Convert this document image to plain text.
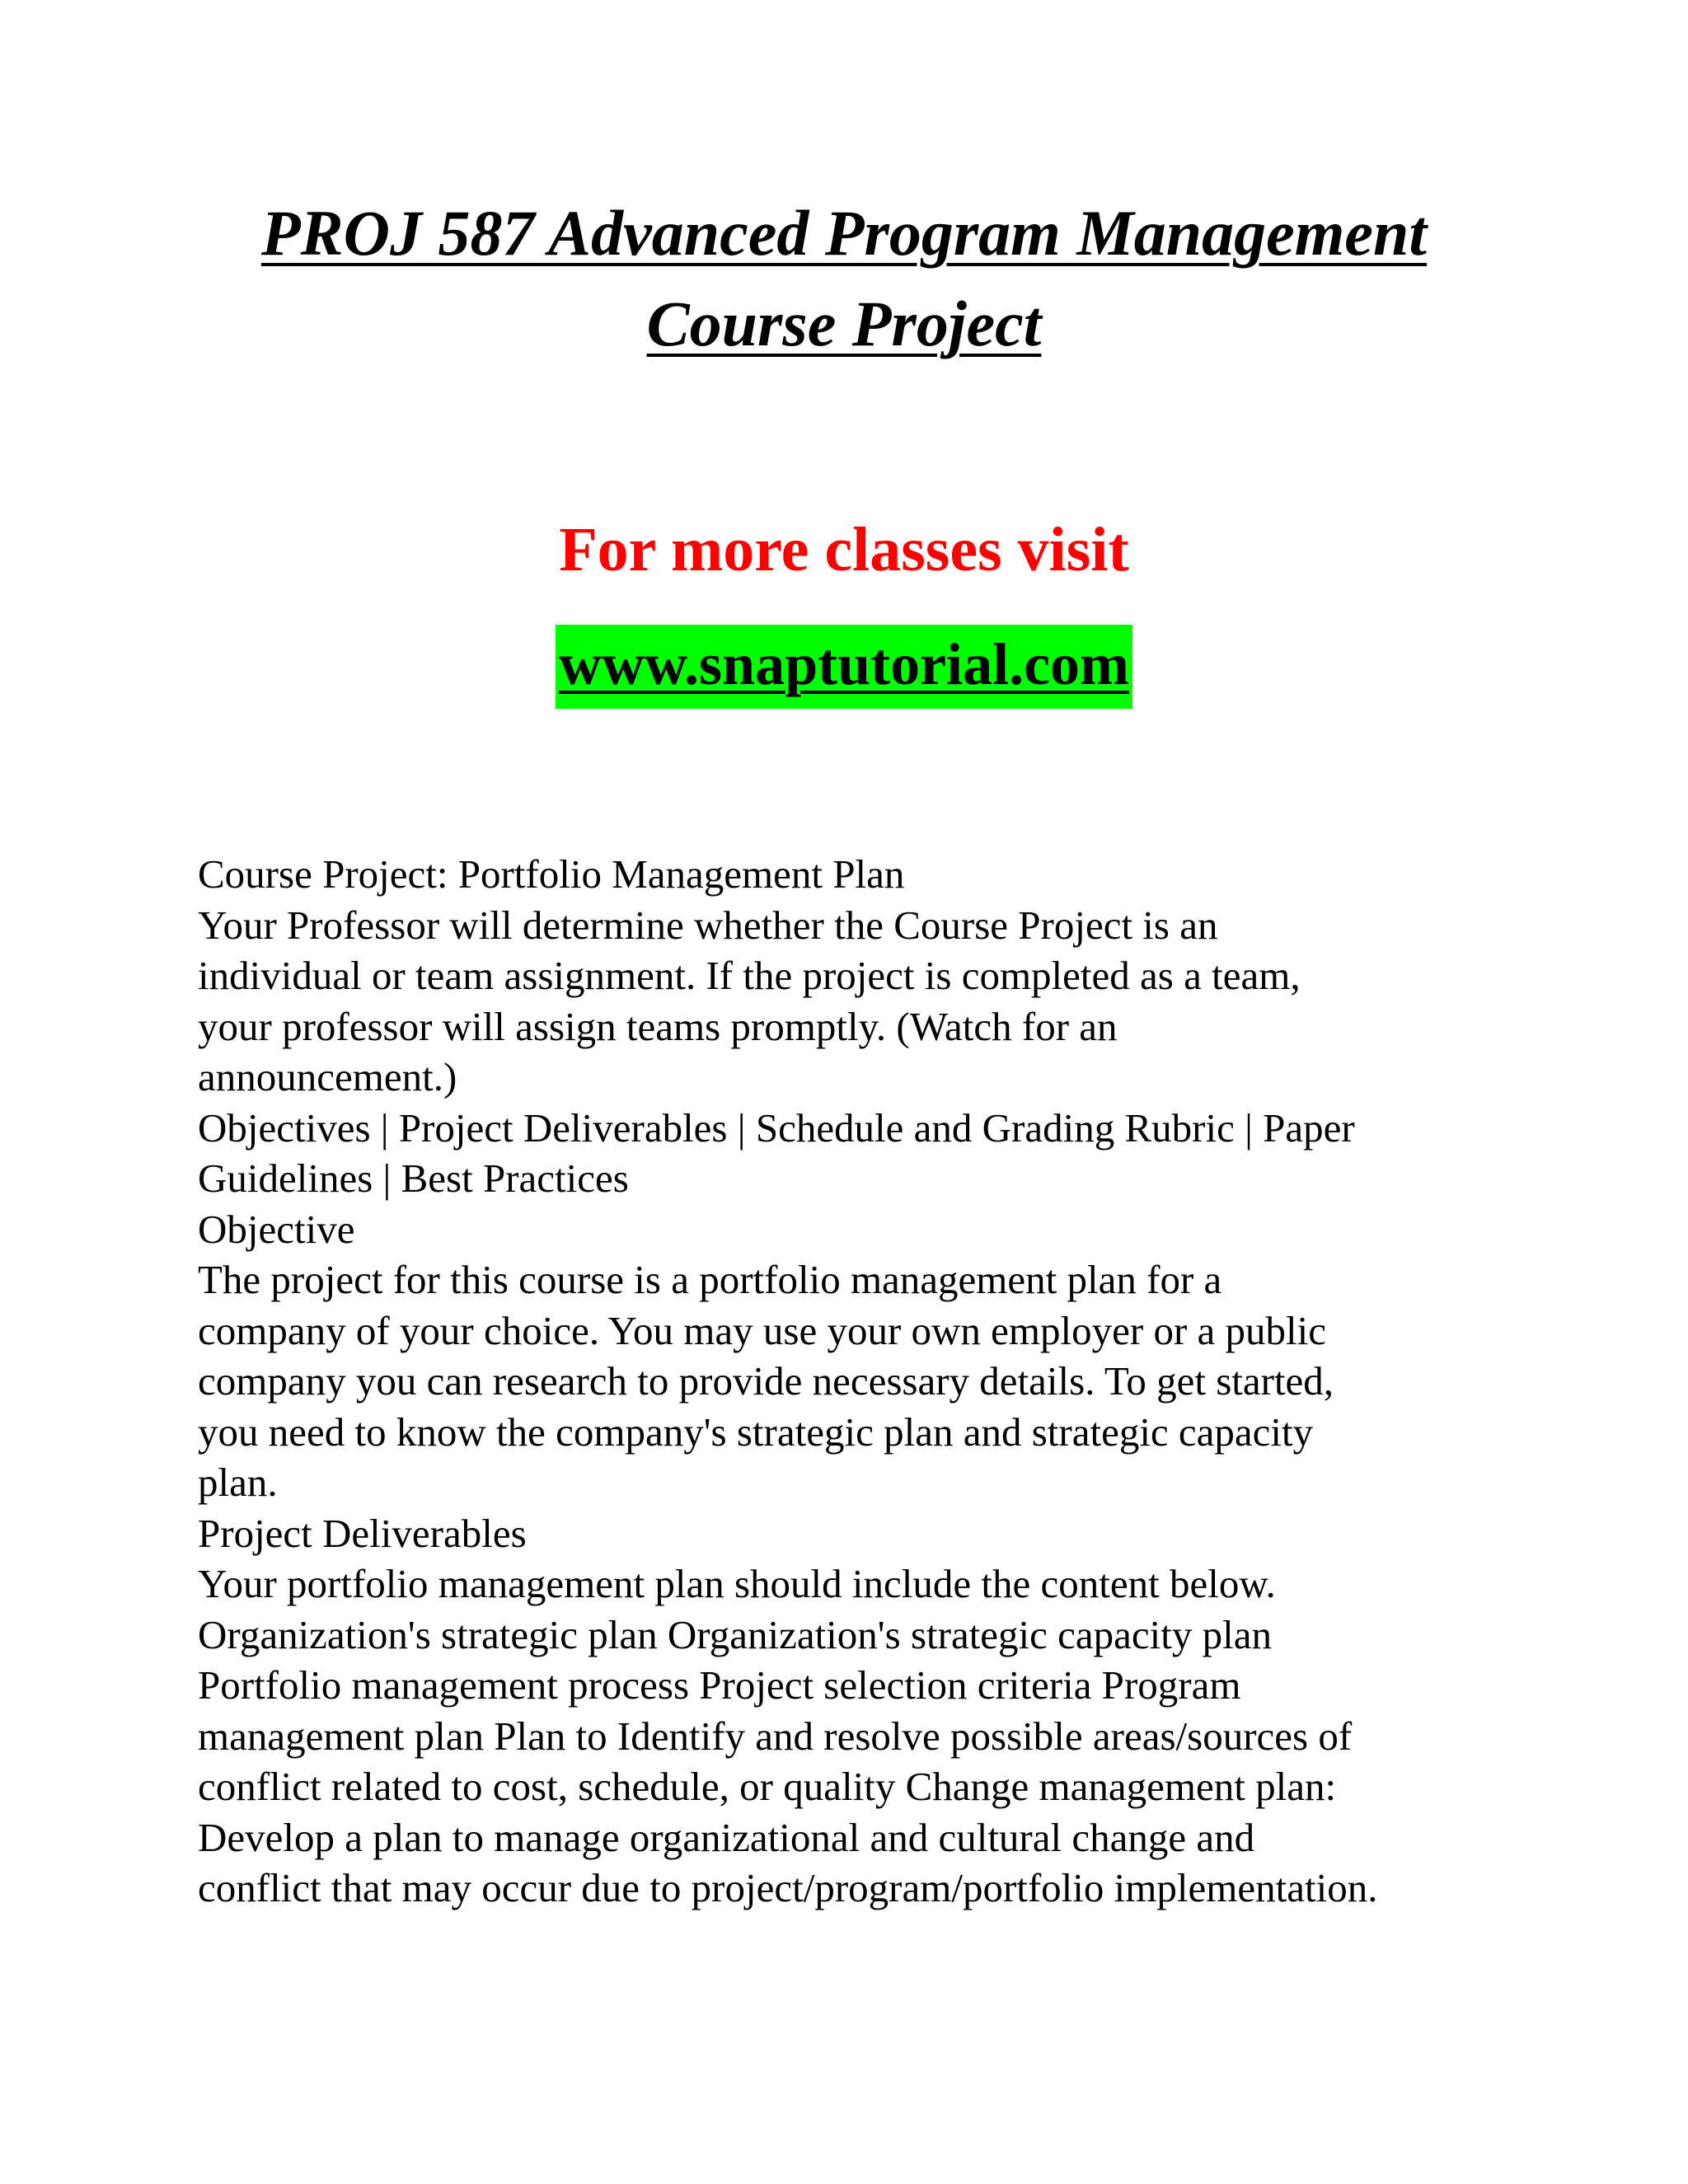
PROJ 587 Advanced Program Management

Course Project

For more classes visit
www.snaptutorial.com
Course Project: Portfolio Management Plan
Your Professor will determine whether the Course Project is an
individual or team assignment. If the project is completed as a team,
your professor will assign teams promptly. (Watch for an
announcement.)
Objectives | Project Deliverables | Schedule and Grading Rubric | Paper
Guidelines | Best Practices
Objective
The project for this course is a portfolio management plan for a
company of your choice. You may use your own employer or a public
company you can research to provide necessary details. To get started,
you need to know the company's strategic plan and strategic capacity
plan.
Project Deliverables
Your portfolio management plan should include the content below.
Organization's strategic plan Organization's strategic capacity plan
Portfolio management process Project selection criteria Program
management plan Plan to Identify and resolve possible areas/sources of
conflict related to cost, schedule, or quality Change management plan:
Develop a plan to manage organizational and cultural change and
conflict that may occur due to project/program/portfolio implementation.
